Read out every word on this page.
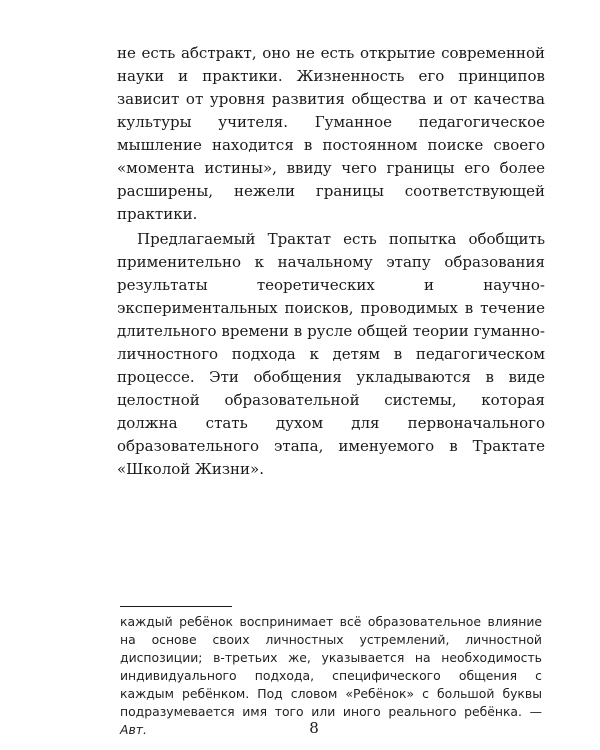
не есть абстракт, оно не есть открытие современной науки и практики. Жизненность его принципов зависит от уровня развития общества и от качества культуры учителя. Гуманное педагогическое мышление находится в постоянном поиске своего «момента истины», ввиду чего границы его более расширены, нежели границы соответствующей практики.

Предлагаемый Трактат есть попытка обобщить применительно к начальному этапу образования результаты теоретических и научно-экспериментальных поисков, проводимых в течение длительного времени в русле общей теории гуманно-личностного подхода к детям в педагогическом процессе. Эти обобщения укладываются в виде целостной образовательной системы, которая должна стать духом для первоначального образовательного этапа, именуемого в Трактате «Школой Жизни».

каждый ребёнок воспринимает всё образовательное влияние на основе своих личностных устремлений, личностной диспозиции; в-третьих же, указывается на необходимость индивидуального подхода, специфического общения с каждым ребёнком. Под словом «Ребёнок» с большой буквы подразумевается имя того или иного реального ребёнка. — Авт.	8
